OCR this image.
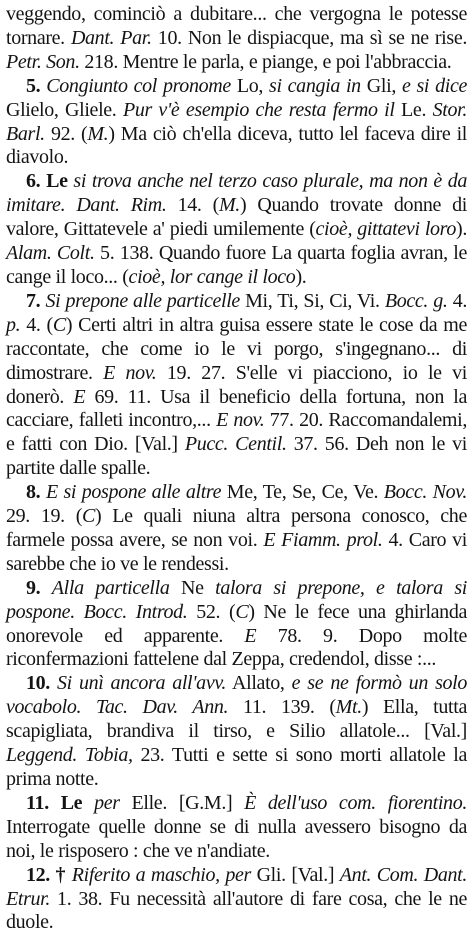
veggendo, cominciò a dubitare... che vergogna le potesse tornare. Dant. Par. 10. Non le dispiacque, ma sì se ne rise. Petr. Son. 218. Mentre le parla, e piange, e poi l'abbraccia.

5. Congiunto col pronome Lo, si cangia in Gli, e si dice Glielo, Gliele. Pur v'è esempio che resta fermo il Le. Stor. Barl. 92. (M.) Ma ciò ch'ella diceva, tutto lel faceva dire il diavolo.

6. Le si trova anche nel terzo caso plurale, ma non è da imitare. Dant. Rim. 14. (M.) Quando trovate donne di valore, Gittatevele a' piedi umilemente (cioè, gittatevi loro). Alam. Colt. 5. 138. Quando fuore La quarta foglia avran, le cange il loco... (cioè, lor cange il loco).

7. Si prepone alle particelle Mi, Ti, Si, Ci, Vi. Bocc. g. 4. p. 4. (C) Certi altri in altra guisa essere state le cose da me raccontate, che come io le vi porgo, s'ingegnano... di dimostrare. E nov. 19. 27. S'elle vi piacciono, io le vi donerò. E 69. 11. Usa il beneficio della fortuna, non la cacciare, falleti incontro,... E nov. 77. 20. Raccomandalemi, e fatti con Dio. [Val.] Pucc. Centil. 37. 56. Deh non le vi partite dalle spalle.

8. E si pospone alle altre Me, Te, Se, Ce, Ve. Bocc. Nov. 29. 19. (C) Le quali niuna altra persona conosco, che farmele possa avere, se non voi. E Fiamm. prol. 4. Caro vi sarebbe che io ve le rendessi.

9. Alla particella Ne talora si prepone, e talora si pospone. Bocc. Introd. 52. (C) Ne le fece una ghirlanda onorevole ed apparente. E 78. 9. Dopo molte riconfermazioni fattelene dal Zeppa, credendol, disse :...

10. Si unì ancora all'avv. Allato, e se ne formò un solo vocabolo. Tac. Dav. Ann. 11. 139. (Mt.) Ella, tutta scapigliata, brandiva il tirso, e Silio allatole... [Val.] Leggend. Tobia, 23. Tutti e sette si sono morti allatole la prima notte.

11. Le per Elle. [G.M.] È dell'uso com. fiorentino. Interrogate quelle donne se di nulla avessero bisogno da noi, le risposero : che ve n'andiate.

12. † Riferito a maschio, per Gli. [Val.] Ant. Com. Dant. Etrur. 1. 38. Fu necessità all'autore di fare cosa, che le ne duole.
